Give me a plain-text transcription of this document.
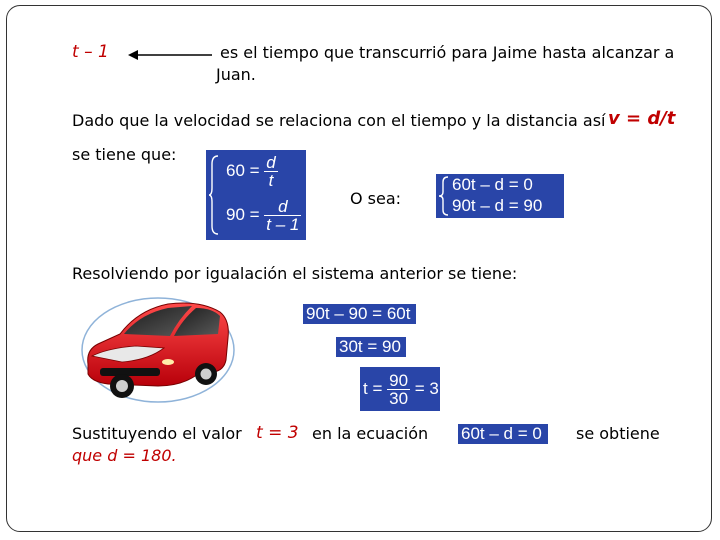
t – 1	es el tiempo que transcurrió para Jaime hasta alcanzar a
Juan.
Dado que la velocidad se relaciona con el tiempo y la distancia así v = d/t
se tiene que:
$60 = \frac{d}{t}$
$90 = \frac{d}{t - 1}$	O sea:
60t – d = 0
90t – d = 90
Resolviendo por igualación el sistema anterior se tiene:
90t – 90 = 60t
30t = 90
$t = \frac{90}{30} = 3$
Sustituyendo el valor
que d = 180.
t = 3 en la ecuación 60t – d = 0	se obtiene
